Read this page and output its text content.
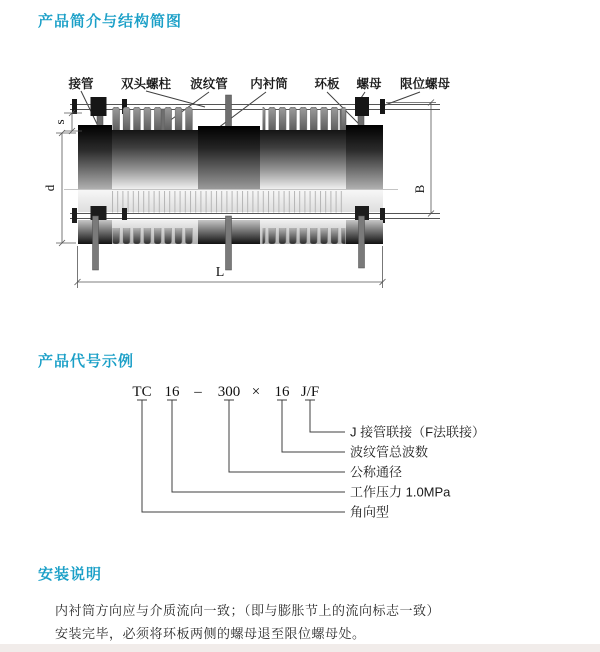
产品简介与结构简图
接管 双头螺柱 波纹管 内衬筒 环板 螺母 限位螺母
s
d	B
L
产品代号示例
TC 16 – 300 × 16 J/F
J 接管联接（F法联接）
波纹管总波数
公称通径
工作压力 1.0MPa
角向型
安装说明
内衬筒方向应与介质流向一致；（即与膨胀节上的流向标志一致）
安装完毕，必须将环板两侧的螺母退至限位螺母处。
